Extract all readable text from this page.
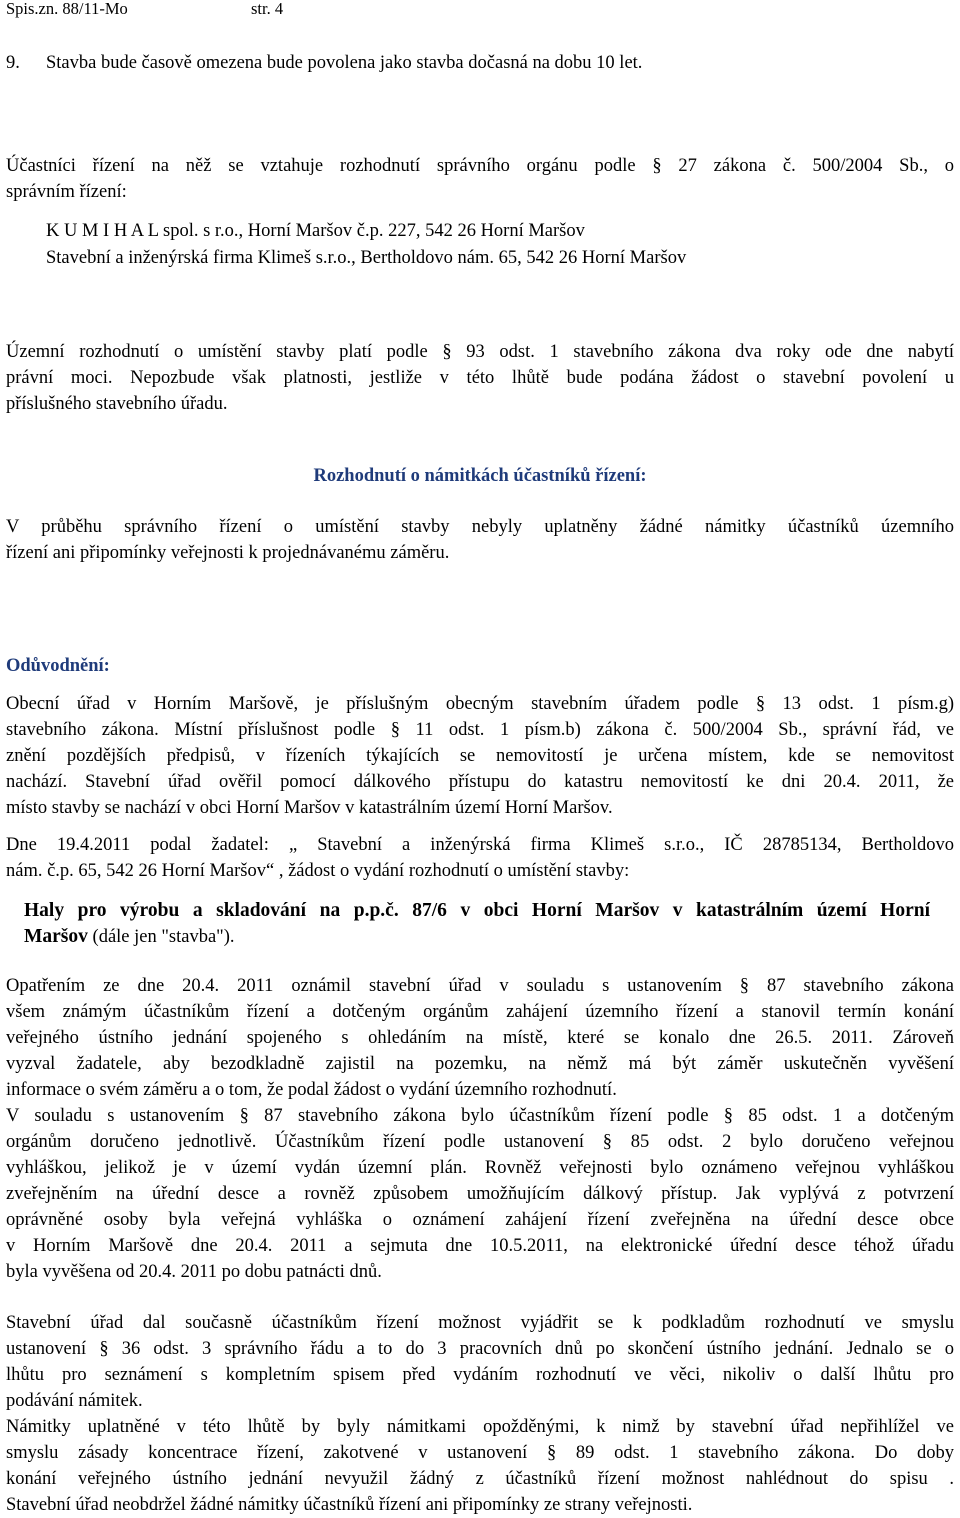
Spis.zn. 88/11-Mo	str. 4
9. Stavba bude časově omezena bude povolena jako stavba dočasná na dobu 10 let.
Účastníci řízení na něž se vztahuje rozhodnutí správního orgánu podle § 27 zákona č. 500/2004 Sb., o
správním řízení:
K U M I H A L spol. s r.o., Horní Maršov č.p. 227, 542 26 Horní Maršov
Stavební a inženýrská firma Klimeš s.r.o., Bertholdovo nám. 65, 542 26 Horní Maršov
Územní rozhodnutí o umístění stavby platí podle § 93 odst. 1 stavebního zákona dva roky ode dne nabytí
právní moci. Nepozbude však platnosti, jestliže v této lhůtě bude podána žádost o stavební povolení u
příslušného stavebního úřadu.
Rozhodnutí o námitkách účastníků řízení:
V průběhu správního řízení o umístění stavby nebyly uplatněny žádné námitky účastníků územního
řízení ani připomínky veřejnosti k projednávanému záměru.
Odůvodnění:
Obecní úřad v Horním Maršově, je příslušným obecným stavebním úřadem podle § 13 odst. 1 písm.g)
stavebního zákona. Místní příslušnost podle § 11 odst. 1 písm.b) zákona č. 500/2004 Sb., správní řád, ve
znění pozdějších předpisů, v řízeních týkajících se nemovitostí je určena místem, kde se nemovitost
nachází. Stavební úřad ověřil pomocí dálkového přístupu do katastru nemovitostí ke dni 20.4. 2011, že
místo stavby se nachází v obci Horní Maršov v katastrálním území Horní Maršov.
Dne 19.4.2011 podal žadatel: „ Stavební a inženýrská firma Klimeš s.r.o., IČ 28785134, Bertholdovo
nám. č.p. 65, 542 26 Horní Maršov“ , žádost o vydání rozhodnutí o umístění stavby:
Haly pro výrobu a skladování na p.p.č. 87/6 v obci Horní Maršov v katastrálním území Horní
Maršov (dále jen "stavba").
Opatřením ze dne 20.4. 2011 oznámil stavební úřad v souladu s ustanovením § 87 stavebního zákona
všem známým účastníkům řízení a dotčeným orgánům zahájení územního řízení a stanovil termín konání
veřejného ústního jednání spojeného s ohledáním na místě, které se konalo dne 26.5. 2011. Zároveň
vyzval žadatele, aby bezodkladně zajistil na pozemku, na němž má být záměr uskutečněn vyvěšení
informace o svém záměru a o tom, že podal žádost o vydání územního rozhodnutí.
V souladu s ustanovením § 87 stavebního zákona bylo účastníkům řízení podle § 85 odst. 1 a dotčeným
orgánům doručeno jednotlivě. Účastníkům řízení podle ustanovení § 85 odst. 2 bylo doručeno veřejnou
vyhláškou, jelikož je v území vydán územní plán. Rovněž veřejnosti bylo oznámeno veřejnou vyhláškou
zveřejněním na úřední desce a rovněž způsobem umožňujícím dálkový přístup. Jak vyplývá z potvrzení
oprávněné osoby byla veřejná vyhláška o oznámení zahájení řízení zveřejněna na úřední desce obce
v Horním Maršově dne 20.4. 2011 a sejmuta dne 10.5.2011, na elektronické úřední desce téhož úřadu
byla vyvěšena od 20.4. 2011 po dobu patnácti dnů.
Stavební úřad dal současně účastníkům řízení možnost vyjádřit se k podkladům rozhodnutí ve smyslu
ustanovení § 36 odst. 3 správního řádu a to do 3 pracovních dnů po skončení ústního jednání. Jednalo se o
lhůtu pro seznámení s kompletním spisem před vydáním rozhodnutí ve věci, nikoliv o další lhůtu pro
podávání námitek.
Námitky uplatněné v této lhůtě by byly námitkami opožděnými, k nimž by stavební úřad nepřihlížel ve
smyslu zásady koncentrace řízení, zakotvené v ustanovení § 89 odst. 1 stavebního zákona. Do doby
konání veřejného ústního jednání nevyužil žádný z účastníků řízení možnost nahlédnout do spisu .
Stavební úřad neobdržel žádné námitky účastníků řízení ani připomínky ze strany veřejnosti.
